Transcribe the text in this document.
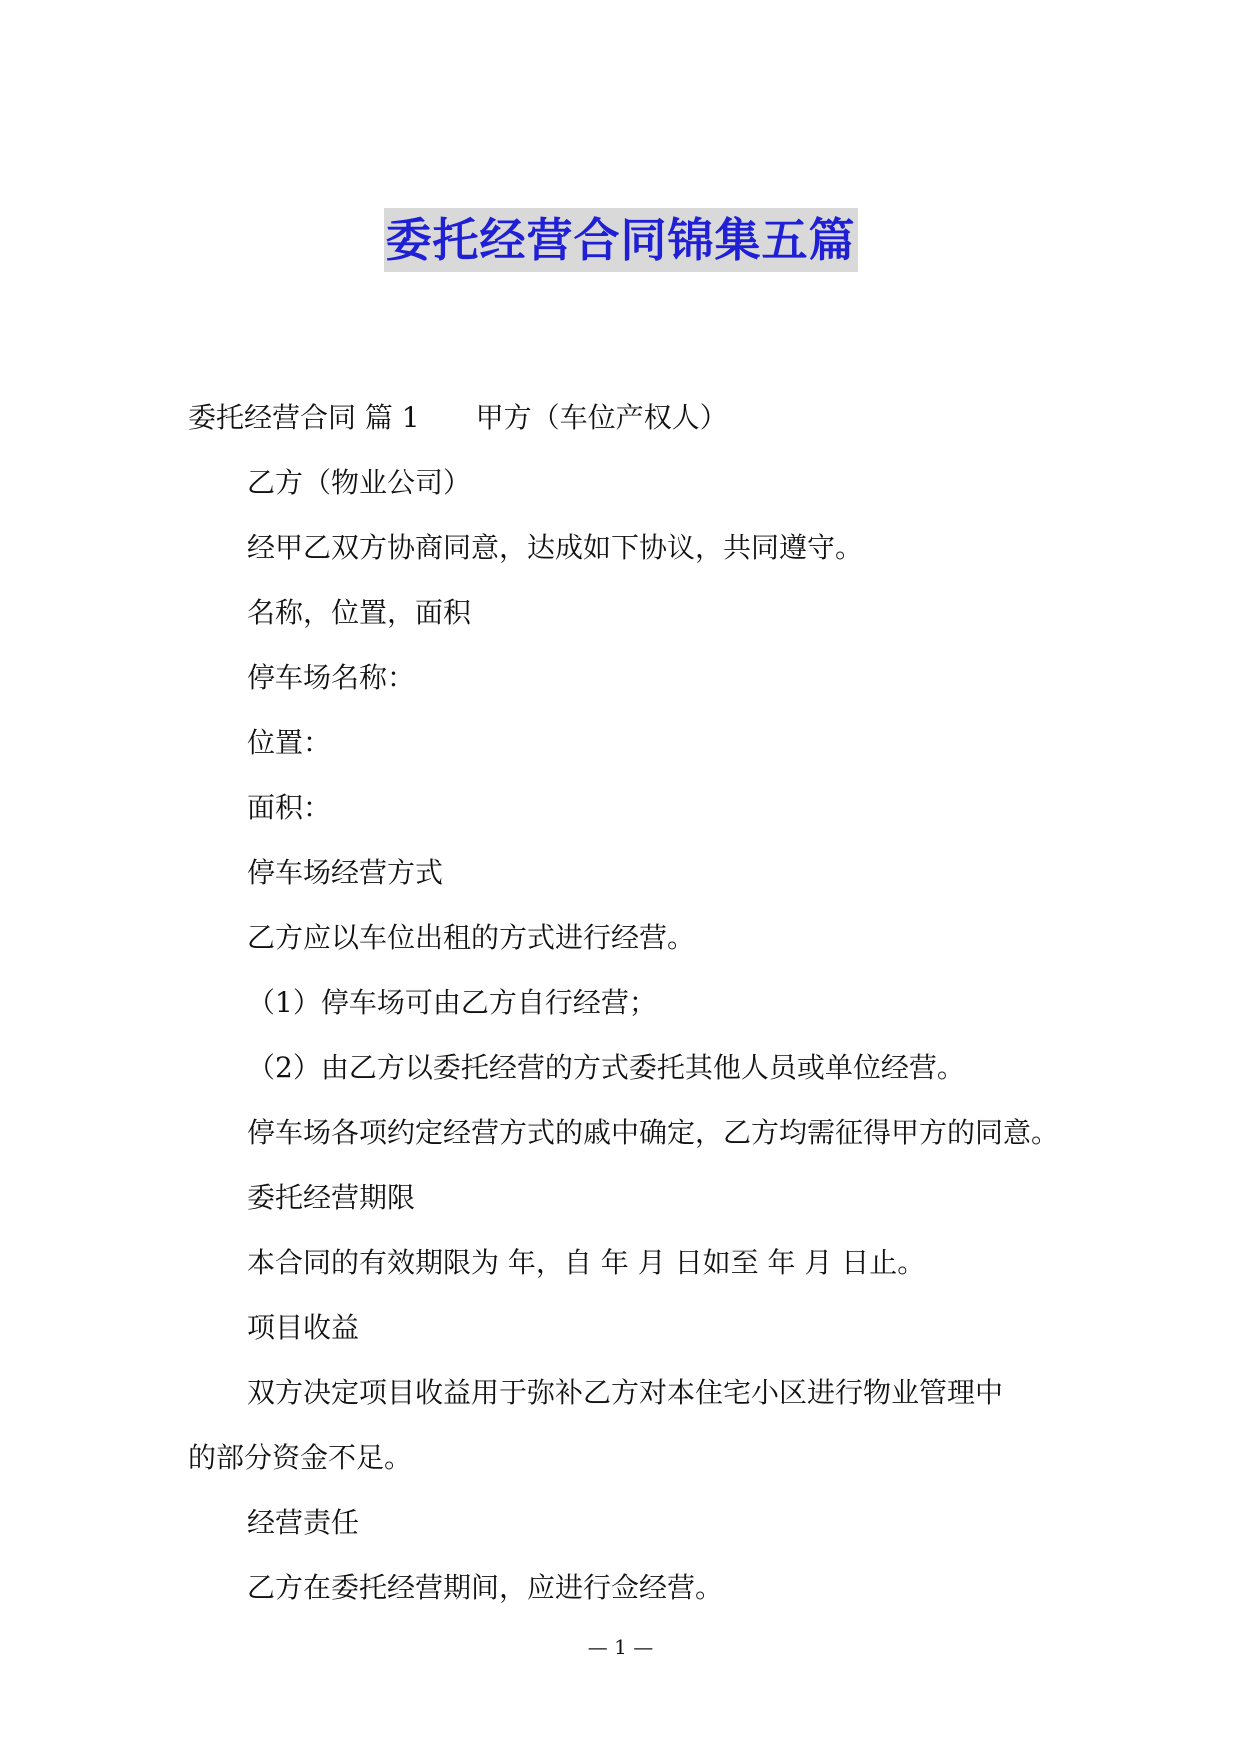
委托经营合同锦集五篇
委托经营合同 篇 1 甲方（车位产权人）
乙方（物业公司）
经甲乙双方协商同意，达成如下协议，共同遵守。
名称，位置，面积
停车场名称：
位置：
面积：
停车场经营方式
乙方应以车位出租的方式进行经营。
（1）停车场可由乙方自行经营；
（2）由乙方以委托经营的方式委托其他人员或单位经营。
停车场各项约定经营方式的戚中确定，乙方均需征得甲方的同意。
委托经营期限
本合同的有效期限为 年，自 年 月 日如至 年 月 日止。
项目收益
双方决定项目收益用于弥补乙方对本住宅小区进行物业管理中
的部分资金不足。
经营责任
乙方在委托经营期间，应进行佥经营。
— 1 —
